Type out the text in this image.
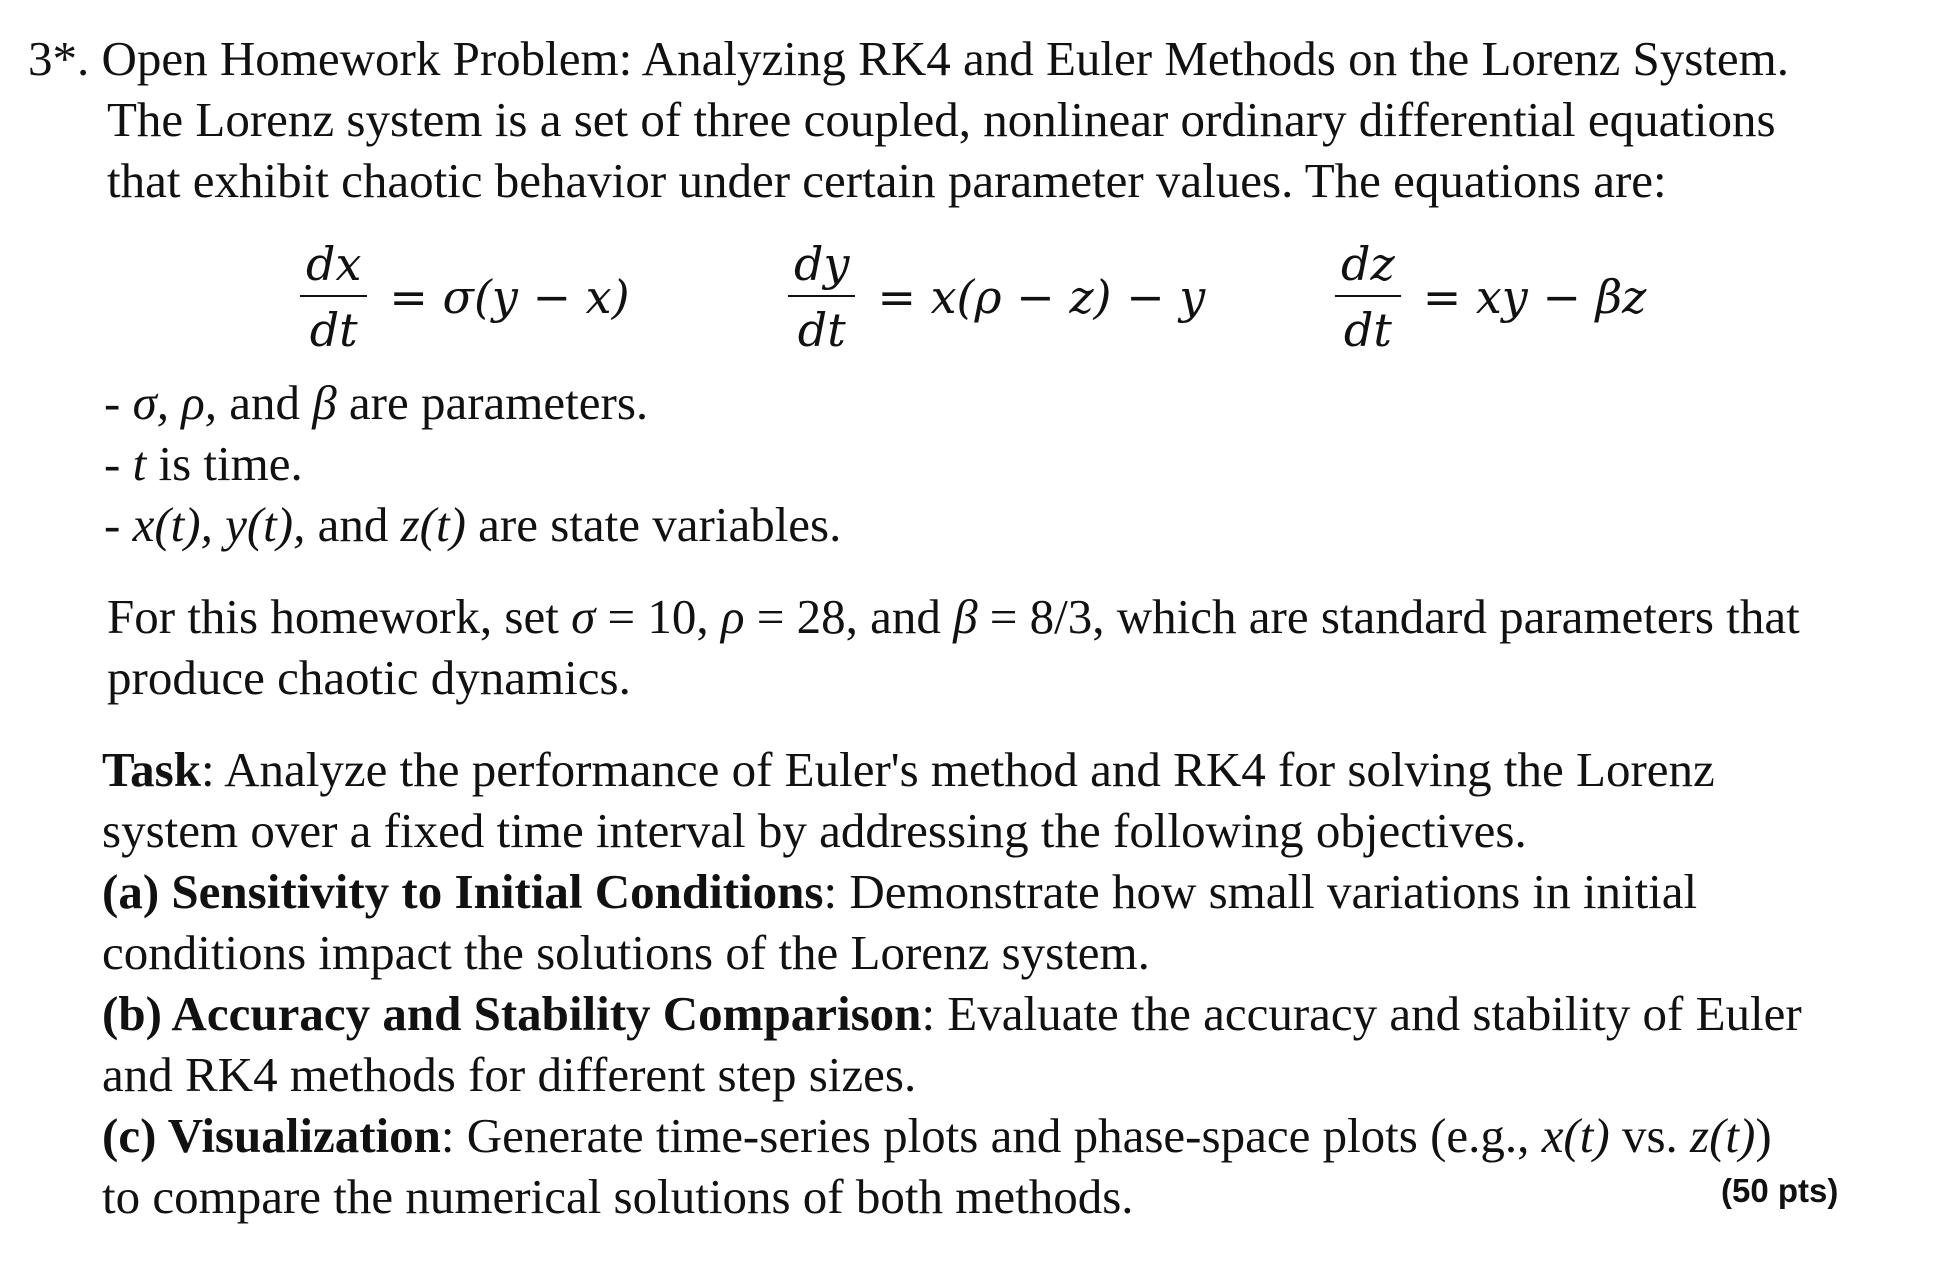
3*. Open Homework Problem: Analyzing RK4 and Euler Methods on the Lorenz System.

The Lorenz system is a set of three coupled, nonlinear ordinary differential equations

that exhibit chaotic behavior under certain parameter values. The equations are:

$\frac{dx}{dt} = \sigma(y - x)$	$\frac{dy}{dt} = x(\rho - z) - y$	$\frac{dz}{dt}$ = xy − βz

- σ, ρ, and β are parameters.

- t is time.

- x(t), y(t), and z(t) are state variables.

For this homework, set σ = 10, ρ = 28, and β = 8/3, which are standard parameters that

produce chaotic dynamics.

Task: Analyze the performance of Euler's method and RK4 for solving the Lorenz

system over a fixed time interval by addressing the following objectives.

(a) Sensitivity to Initial Conditions: Demonstrate how small variations in initial

conditions impact the solutions of the Lorenz system.

(b) Accuracy and Stability Comparison: Evaluate the accuracy and stability of Euler

and RK4 methods for different step sizes.

(c) Visualization: Generate time-series plots and phase-space plots (e.g., x(t) vs. z(t))

to compare the numerical solutions of both methods.	(50 pts)
